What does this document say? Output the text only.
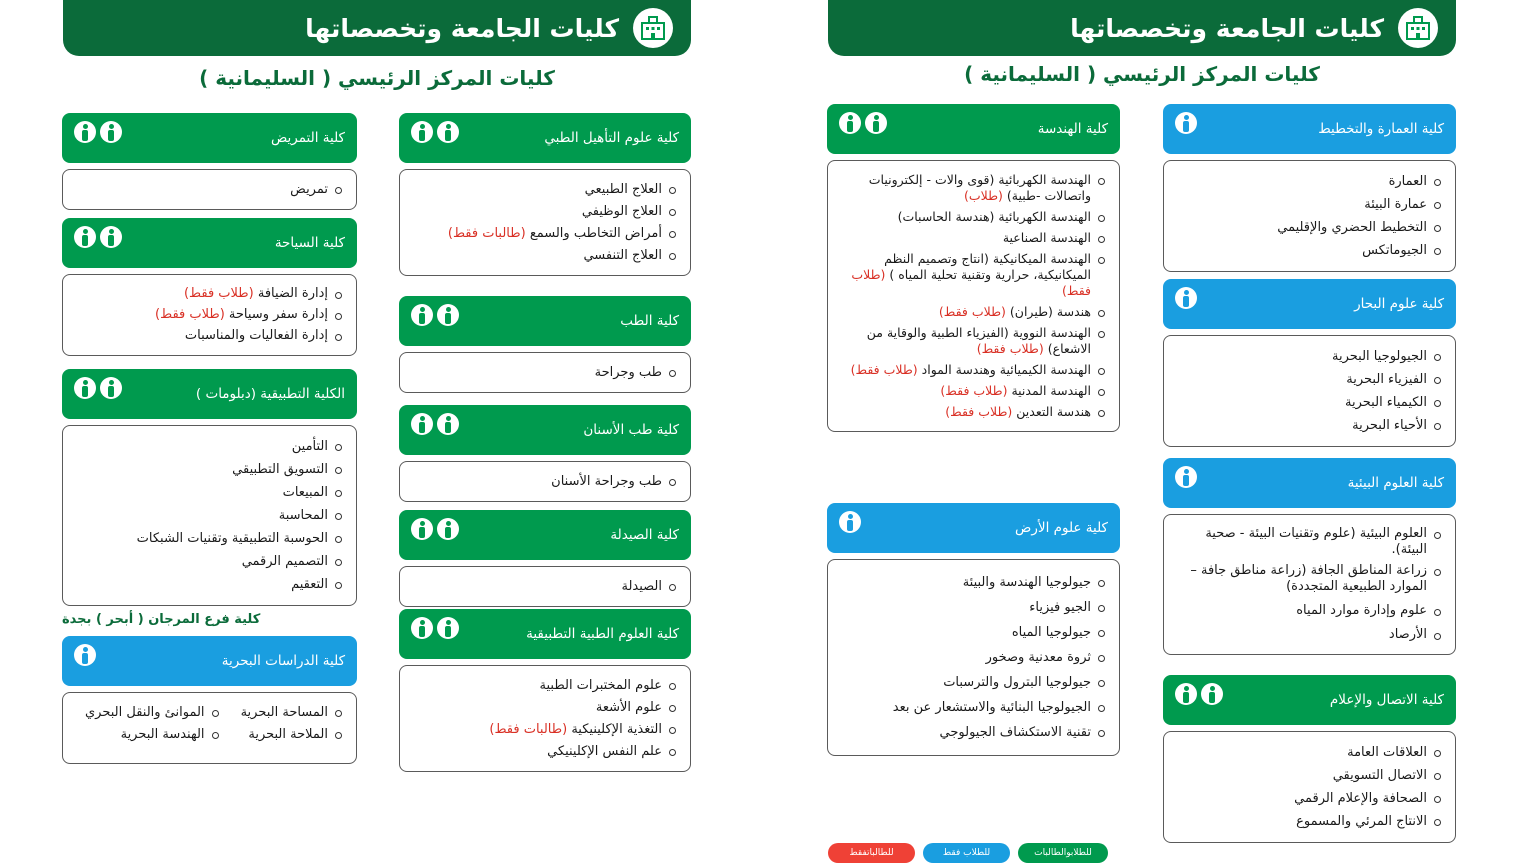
كليات الجامعة وتخصصاتها
كليات المركز الرئيسي ( السليمانية )
كلية علوم التأهيل الطبي
العلاج الطبيعي
العلاج الوظيفي
أمراض التخاطب والسمع (طالبات فقط)
العلاج التنفسي
كلية الطب
طب وجراحة
كلية طب الأسنان
طب وجراحة الأسنان
كلية الصيدلة
الصيدلة
كلية العلوم الطبية التطبيقية
علوم المختبرات الطبية
علوم الأشعة
التغذية الإكلينيكية (طالبات فقط)
علم النفس الإكلينيكي
كلية التمريض
تمريض
كلية السياحة
إدارة الضيافة (طلاب فقط)
إدارة سفر وسياحة (طلاب فقط)
إدارة الفعاليات والمناسبات
الكلية التطبيقية (دبلومات )
التأمين
التسويق التطبيقي
المبيعات
المحاسبة
الحوسبة التطبيقية وتقنيات الشبكات
التصميم الرقمي
التعقيم
كلية فرع المرجان ( أبحر ) بجدة
كلية الدراسات البحرية
المساحة البحرية
الملاحة البحرية
الموانئ والنقل البحري
الهندسة البحرية
كليات الجامعة وتخصصاتها
كليات المركز الرئيسي ( السليمانية )
كلية العمارة والتخطيط
العمارة
عمارة البيئة
التخطيط الحضري والإقليمي
الجيوماتكس
كلية علوم البحار
الجيولوجيا البحرية
الفيزياء البحرية
الكيمياء البحرية
الأحياء البحرية
كلية العلوم البيئية
العلوم البيئية (علوم وتقنيات البيئة - صحية البيئة).
زراعة المناطق الجافة (زراعة مناطق جافة – الموارد الطبيعية المتجددة)
علوم وإدارة موارد المياه
الأرصاد
كلية الاتصال والإعلام
العلاقات العامة
الاتصال التسويقي
الصحافة والإعلام الرقمي
الانتاج المرئي والمسموع
كلية الهندسة
الهندسة الكهربائية (قوى والات - إلكترونيات واتصالات -طبية) (طلاب)
الهندسة الكهربائية (هندسة الحاسبات)
الهندسة الصناعية
الهندسة الميكانيكية (انتاج وتصميم النظم الميكانيكية، حرارية وتقنية تحلية المياه ) (طلاب فقط)
هندسة (طيران) (طلاب فقط)
الهندسة النووية (الفيزياء الطبية والوقاية من الاشعاع) (طلاب فقط)
الهندسة الكيميائية وهندسة المواد (طلاب فقط)
الهندسة المدنية (طلاب فقط)
هندسة التعدين (طلاب فقط)
كلية علوم الأرض
جيولوجيا الهندسة والبيئة
الجيو فيزياء
جيولوجيا المياه
ثروة معدنية وصخور
جيولوجيا البترول والترسبات
الجيولوجيا البنائية والاستشعار عن بعد
تقنية الاستكشاف الجيولوجي
للطالباتفقط	للطلاب فقط	للطلابوالطالبات
